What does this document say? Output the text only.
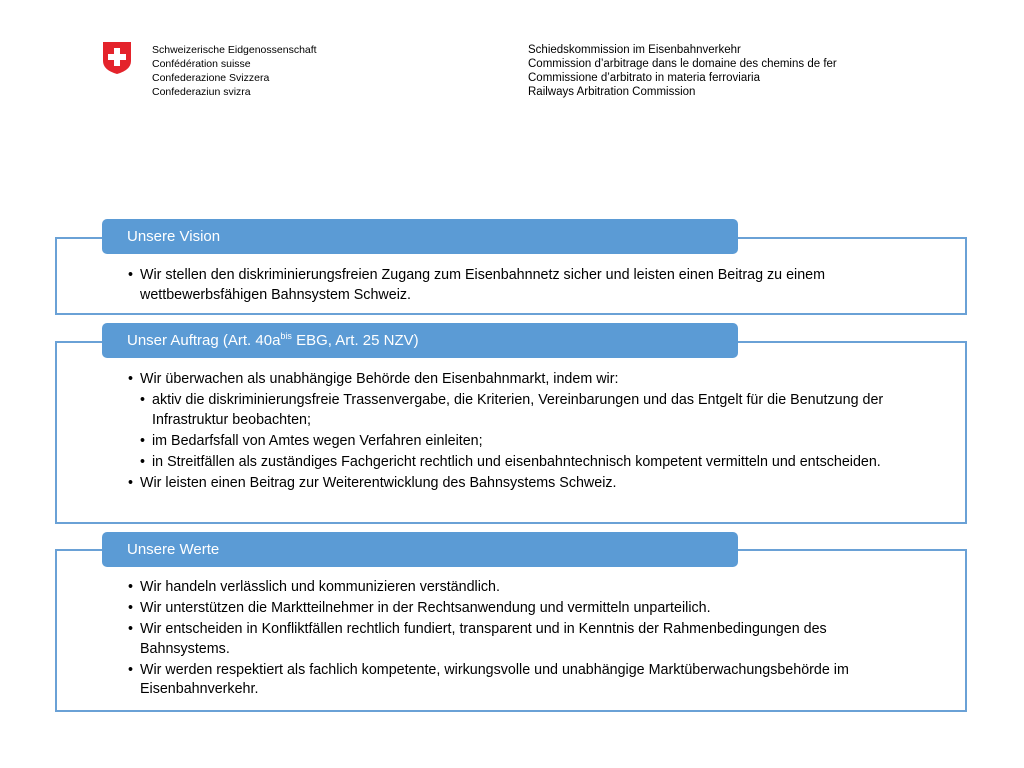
Schweizerische Eidgenossenschaft
Confédération suisse
Confederazione Svizzera
Confederaziun svizra
Schiedskommission im Eisenbahnverkehr
Commission d’arbitrage dans le domaine des chemins de fer
Commissione d’arbitrato in materia ferroviaria
Railways Arbitration Commission
Unsere Vision
• Wir stellen den diskriminierungsfreien Zugang zum Eisenbahnnetz sicher und leisten einen Beitrag zu einem wettbewerbsfähigen Bahnsystem Schweiz.
Unser Auftrag (Art. $40a^{bis}$ EBG, Art. 25 NZV)
• Wir überwachen als unabhängige Behörde den Eisenbahnmarkt, indem wir:
• aktiv die diskriminierungsfreie Trassenvergabe, die Kriterien, Vereinbarungen und das Entgelt für die Benutzung der Infrastruktur beobachten;
• im Bedarfsfall von Amtes wegen Verfahren einleiten;
• in Streitfällen als zuständiges Fachgericht rechtlich und eisenbahntechnisch kompetent vermitteln und entscheiden.
• Wir leisten einen Beitrag zur Weiterentwicklung des Bahnsystems Schweiz.
Unsere Werte
• Wir handeln verlässlich und kommunizieren verständlich.
• Wir unterstützen die Marktteilnehmer in der Rechtsanwendung und vermitteln unparteilich.
• Wir entscheiden in Konfliktfällen rechtlich fundiert, transparent und in Kenntnis der Rahmenbedingungen des Bahnsystems.
• Wir werden respektiert als fachlich kompetente, wirkungsvolle und unabhängige Marktüberwachungsbehörde im Eisenbahnverkehr.
